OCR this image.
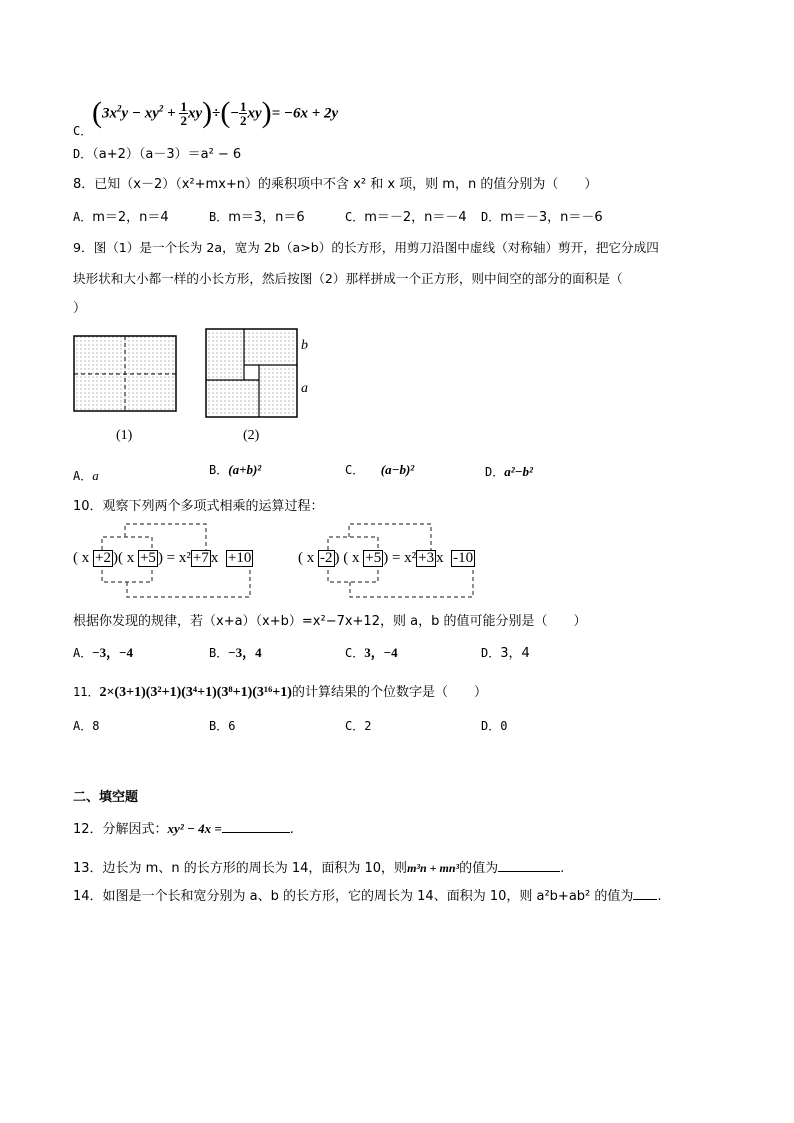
C．
$(3x^2y - xy^2 + \frac{1}{2} xy)\div(- \frac{1}{2} xy)= -6x + 2y$
D．（a+2）（a－3）＝a² − 6
8．已知（x－2）（x²+mx+n）的乘积项中不含 x² 和 x 项，则 m，n 的值分别为（　　）
A．m＝2，n＝4	B．m＝3，n＝6	C．m＝－2，n＝－4 D．m＝－3，n＝－6
9．图（1）是一个长为 2a，宽为 2b（a>b）的长方形，用剪刀沿图中虚线（对称轴）剪开，把它分成四
块形状和大小都一样的小长方形，然后按图（2）那样拼成一个正方形，则中间空的部分的面积是（
）
b
a
(1)	(2)
A．a	B．(a+b)²	C． (a−b)²	D．a²−b²
10．观察下列两个多项式相乘的运算过程：
( x +2 )( x +5 ) = x² +7 x +10	( x -2 ) ( x +5 ) = x² +3 x -10
根据你发现的规律，若（x+a）（x+b）=x²−7x+12，则 a，b 的值可能分别是（　　）
A．−3，−4	B．−3，4	C．3，−4	D．3，4
11．2×(3+1)(3²+1)(3⁴+1)(3⁸+1)(3¹⁶+1)的计算结果的个位数字是（　　）
A．8	B．6	C．2	D．0
二、填空题
12．分解因式：xy² − 4x =	.
13．边长为 m、n 的长方形的周长为 14，面积为 10，则m³n + mn³的值为	.
14．如图是一个长和宽分别为 a、b 的长方形，它的周长为 14、面积为 10，则 a²b+ab² 的值为 .
